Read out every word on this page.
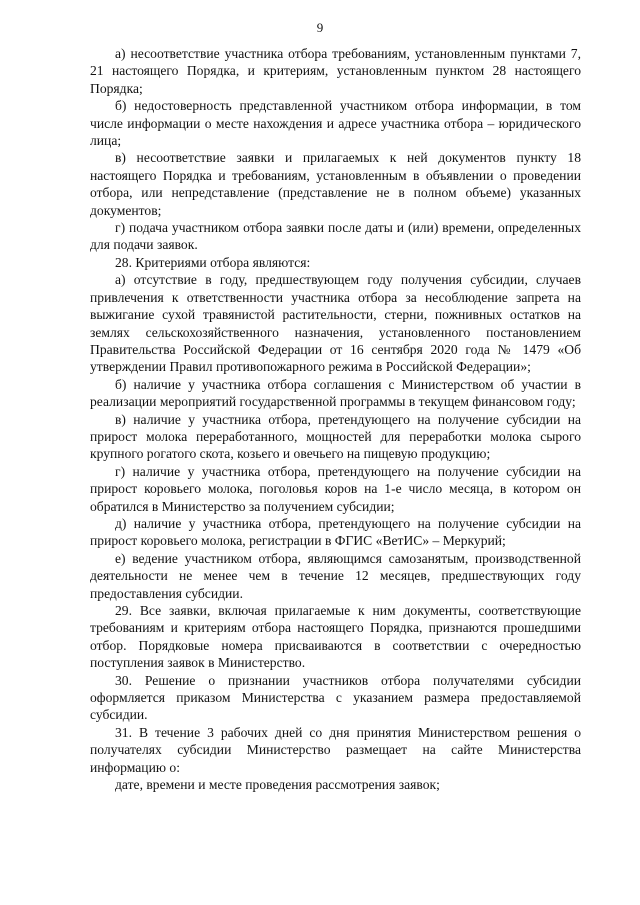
9

а) несоответствие участника отбора требованиям, установленным пунктами 7, 21 настоящего Порядка, и критериям, установленным пунктом 28 настоящего Порядка;

б) недостоверность представленной участником отбора информации, в том числе информации о месте нахождения и адресе участника отбора – юридического лица;

в) несоответствие заявки и прилагаемых к ней документов пункту 18 настоящего Порядка и требованиям, установленным в объявлении о проведении отбора, или непредставление (представление не в полном объеме) указанных документов;

г) подача участником отбора заявки после даты и (или) времени, определенных для подачи заявок.

28. Критериями отбора являются:

а) отсутствие в году, предшествующем году получения субсидии, случаев привлечения к ответственности участника отбора за несоблюдение запрета на выжигание сухой травянистой растительности, стерни, пожнивных остатков на землях сельскохозяйственного назначения, установленного постановлением Правительства Российской Федерации от 16 сентября 2020 года № 1479 «Об утверждении Правил противопожарного режима в Российской Федерации»;

б) наличие у участника отбора соглашения с Министерством об участии в реализации мероприятий государственной программы в текущем финансовом году;

в) наличие у участника отбора, претендующего на получение субсидии на прирост молока переработанного, мощностей для переработки молока сырого крупного рогатого скота, козьего и овечьего на пищевую продукцию;

г) наличие у участника отбора, претендующего на получение субсидии на прирост коровьего молока, поголовья коров на 1-е число месяца, в котором он обратился в Министерство за получением субсидии;

д) наличие у участника отбора, претендующего на получение субсидии на прирост коровьего молока, регистрации в ФГИС «ВетИС» – Меркурий;

е) ведение участником отбора, являющимся самозанятым, производственной деятельности не менее чем в течение 12 месяцев, предшествующих году предоставления субсидии.

29. Все заявки, включая прилагаемые к ним документы, соответствующие требованиям и критериям отбора настоящего Порядка, признаются прошедшими отбор. Порядковые номера присваиваются в соответствии с очередностью поступления заявок в Министерство.

30. Решение о признании участников отбора получателями субсидии оформляется приказом Министерства с указанием размера предоставляемой субсидии.

31. В течение 3 рабочих дней со дня принятия Министерством решения о получателях субсидии Министерство размещает на сайте Министерства информацию о:

дате, времени и месте проведения рассмотрения заявок;
